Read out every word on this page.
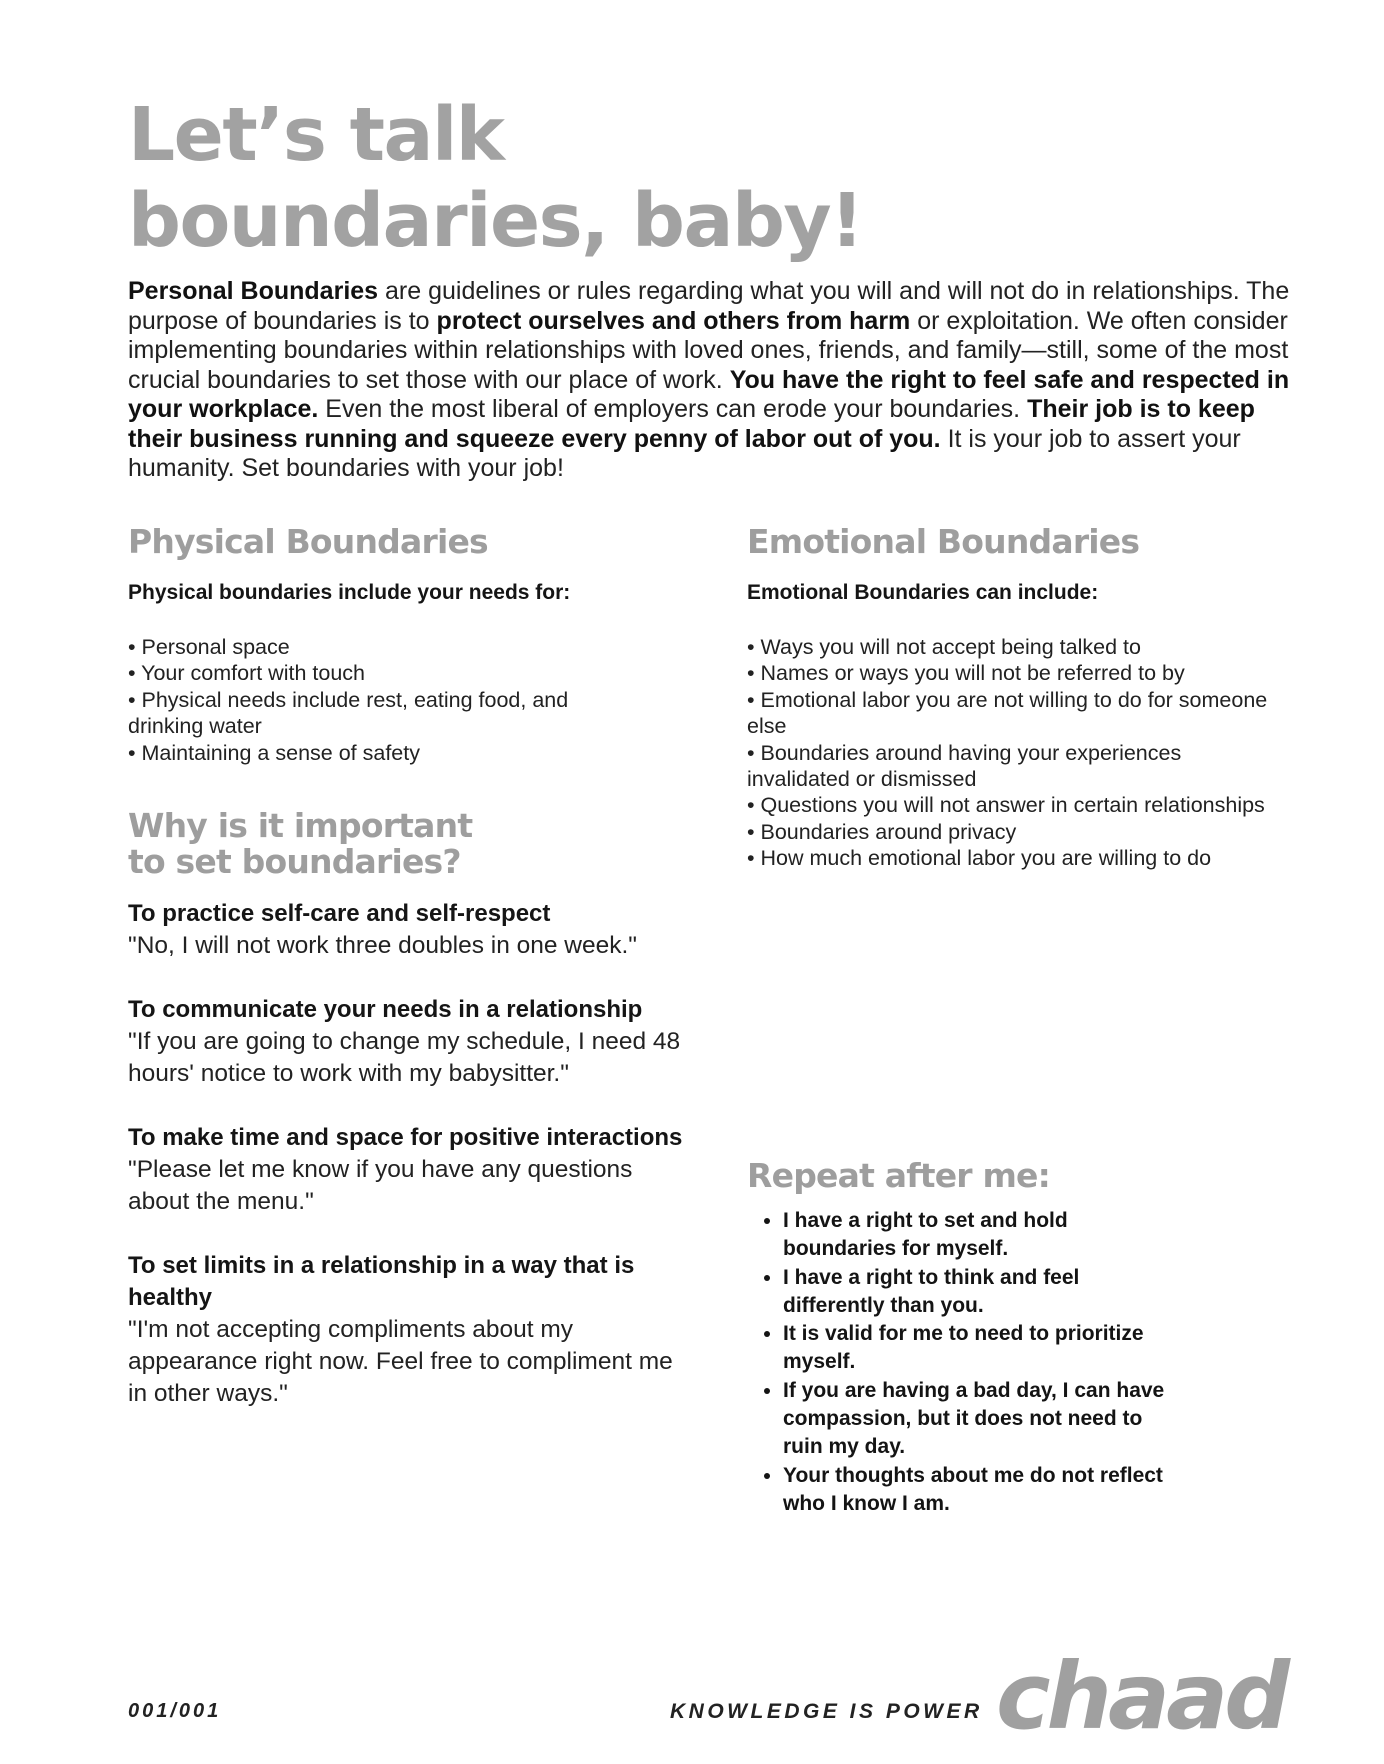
Let’s talk
boundaries, baby!

Personal Boundaries are guidelines or rules regarding what you will and will not do in relationships. The purpose of boundaries is to protect ourselves and others from harm or exploitation. We often consider implementing boundaries within relationships with loved ones, friends, and family—still, some of the most crucial boundaries to set those with our place of work. You have the right to feel safe and respected in your workplace. Even the most liberal of employers can erode your boundaries. Their job is to keep their business running and squeeze every penny of labor out of you. It is your job to assert your humanity. Set boundaries with your job!

Physical Boundaries

Physical boundaries include your needs for:

• Personal space
• Your comfort with touch
• Physical needs include rest, eating food, and drinking water
• Maintaining a sense of safety
Emotional Boundaries

Emotional Boundaries can include:

• Ways you will not accept being talked to
• Names or ways you will not be referred to by
• Emotional labor you are not willing to do for someone else
• Boundaries around having your experiences invalidated or dismissed
• Questions you will not answer in certain relationships
• Boundaries around privacy
• How much emotional labor you are willing to do
Why is it important
to set boundaries?

To practice self-care and self-respect

"No, I will not work three doubles in one week."

To communicate your needs in a relationship

"If you are going to change my schedule, I need 48 hours' notice to work with my babysitter."

To make time and space for positive interactions

"Please let me know if you have any questions about the menu."

To set limits in a relationship in a way that is healthy

"I'm not accepting compliments about my appearance right now. Feel free to compliment me in other ways."

Repeat after me:
• I have a right to set and hold boundaries for myself.
• I have a right to think and feel differently than you.
• It is valid for me to need to prioritize myself.
• If you are having a bad day, I can have compassion, but it does not need to ruin my day.
• Your thoughts about me do not reflect who I know I am.
001/001	KNOWLEDGE IS POWER chaad
